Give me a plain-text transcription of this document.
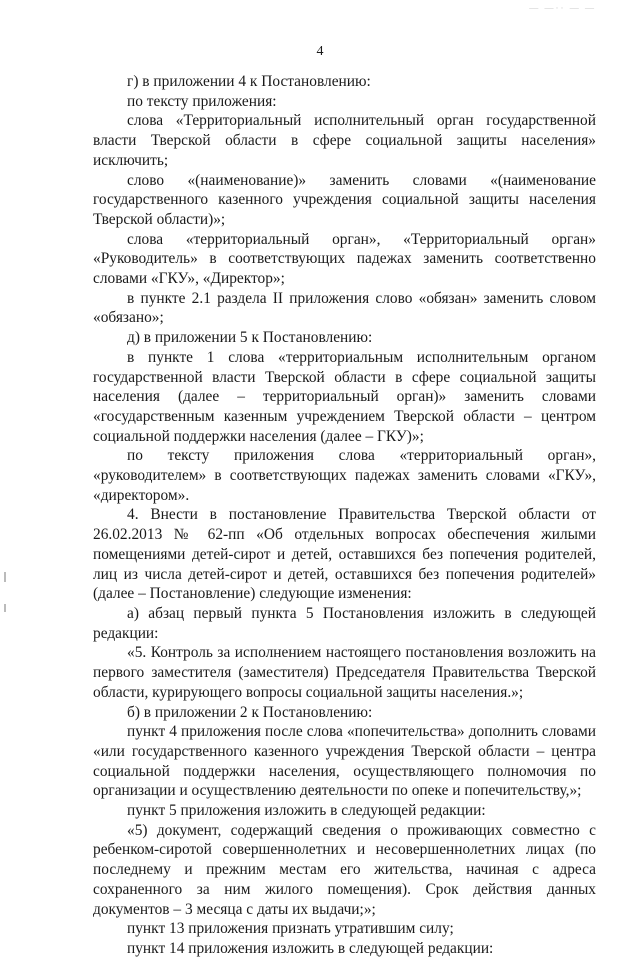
— —·· — —
4

г) в приложении 4 к Постановлению:

по тексту приложения:

слова «Территориальный исполнительный орган государственной власти Тверской области в сфере социальной защиты населения» исключить;

слово «(наименование)» заменить словами «(наименование государственного казенного учреждения социальной защиты населения Тверской области)»;

слова «территориальный орган», «Территориальный орган» «Руководитель» в соответствующих падежах заменить соответственно словами «ГКУ», «Директор»;

в пункте 2.1 раздела II приложения слово «обязан» заменить словом «обязано»;

д) в приложении 5 к Постановлению:

в пункте 1 слова «территориальным исполнительным органом государственной власти Тверской области в сфере социальной защиты населения (далее – территориальный орган)» заменить словами «государственным казенным учреждением Тверской области – центром социальной поддержки населения (далее – ГКУ)»;

по тексту приложения слова «территориальный орган», «руководителем» в соответствующих падежах заменить словами «ГКУ», «директором».

4. Внести в постановление Правительства Тверской области от 26.02.2013 № 62-пп «Об отдельных вопросах обеспечения жилыми помещениями детей-сирот и детей, оставшихся без попечения родителей, лиц из числа детей-сирот и детей, оставшихся без попечения родителей» (далее – Постановление) следующие изменения:

а) абзац первый пункта 5 Постановления изложить в следующей редакции:

«5. Контроль за исполнением настоящего постановления возложить на первого заместителя (заместителя) Председателя Правительства Тверской области, курирующего вопросы социальной защиты населения.»;

б) в приложении 2 к Постановлению:

пункт 4 приложения после слова «попечительства» дополнить словами «или государственного казенного учреждения Тверской области – центра социальной поддержки населения, осуществляющего полномочия по организации и осуществлению деятельности по опеке и попечительству,»;

пункт 5 приложения изложить в следующей редакции:

«5) документ, содержащий сведения о проживающих совместно с ребенком-сиротой совершеннолетних и несовершеннолетних лицах (по последнему и прежним местам его жительства, начиная с адреса сохраненного за ним жилого помещения). Срок действия данных документов – 3 месяца с даты их выдачи;»;

пункт 13 приложения признать утратившим силу;

пункт 14 приложения изложить в следующей редакции:
